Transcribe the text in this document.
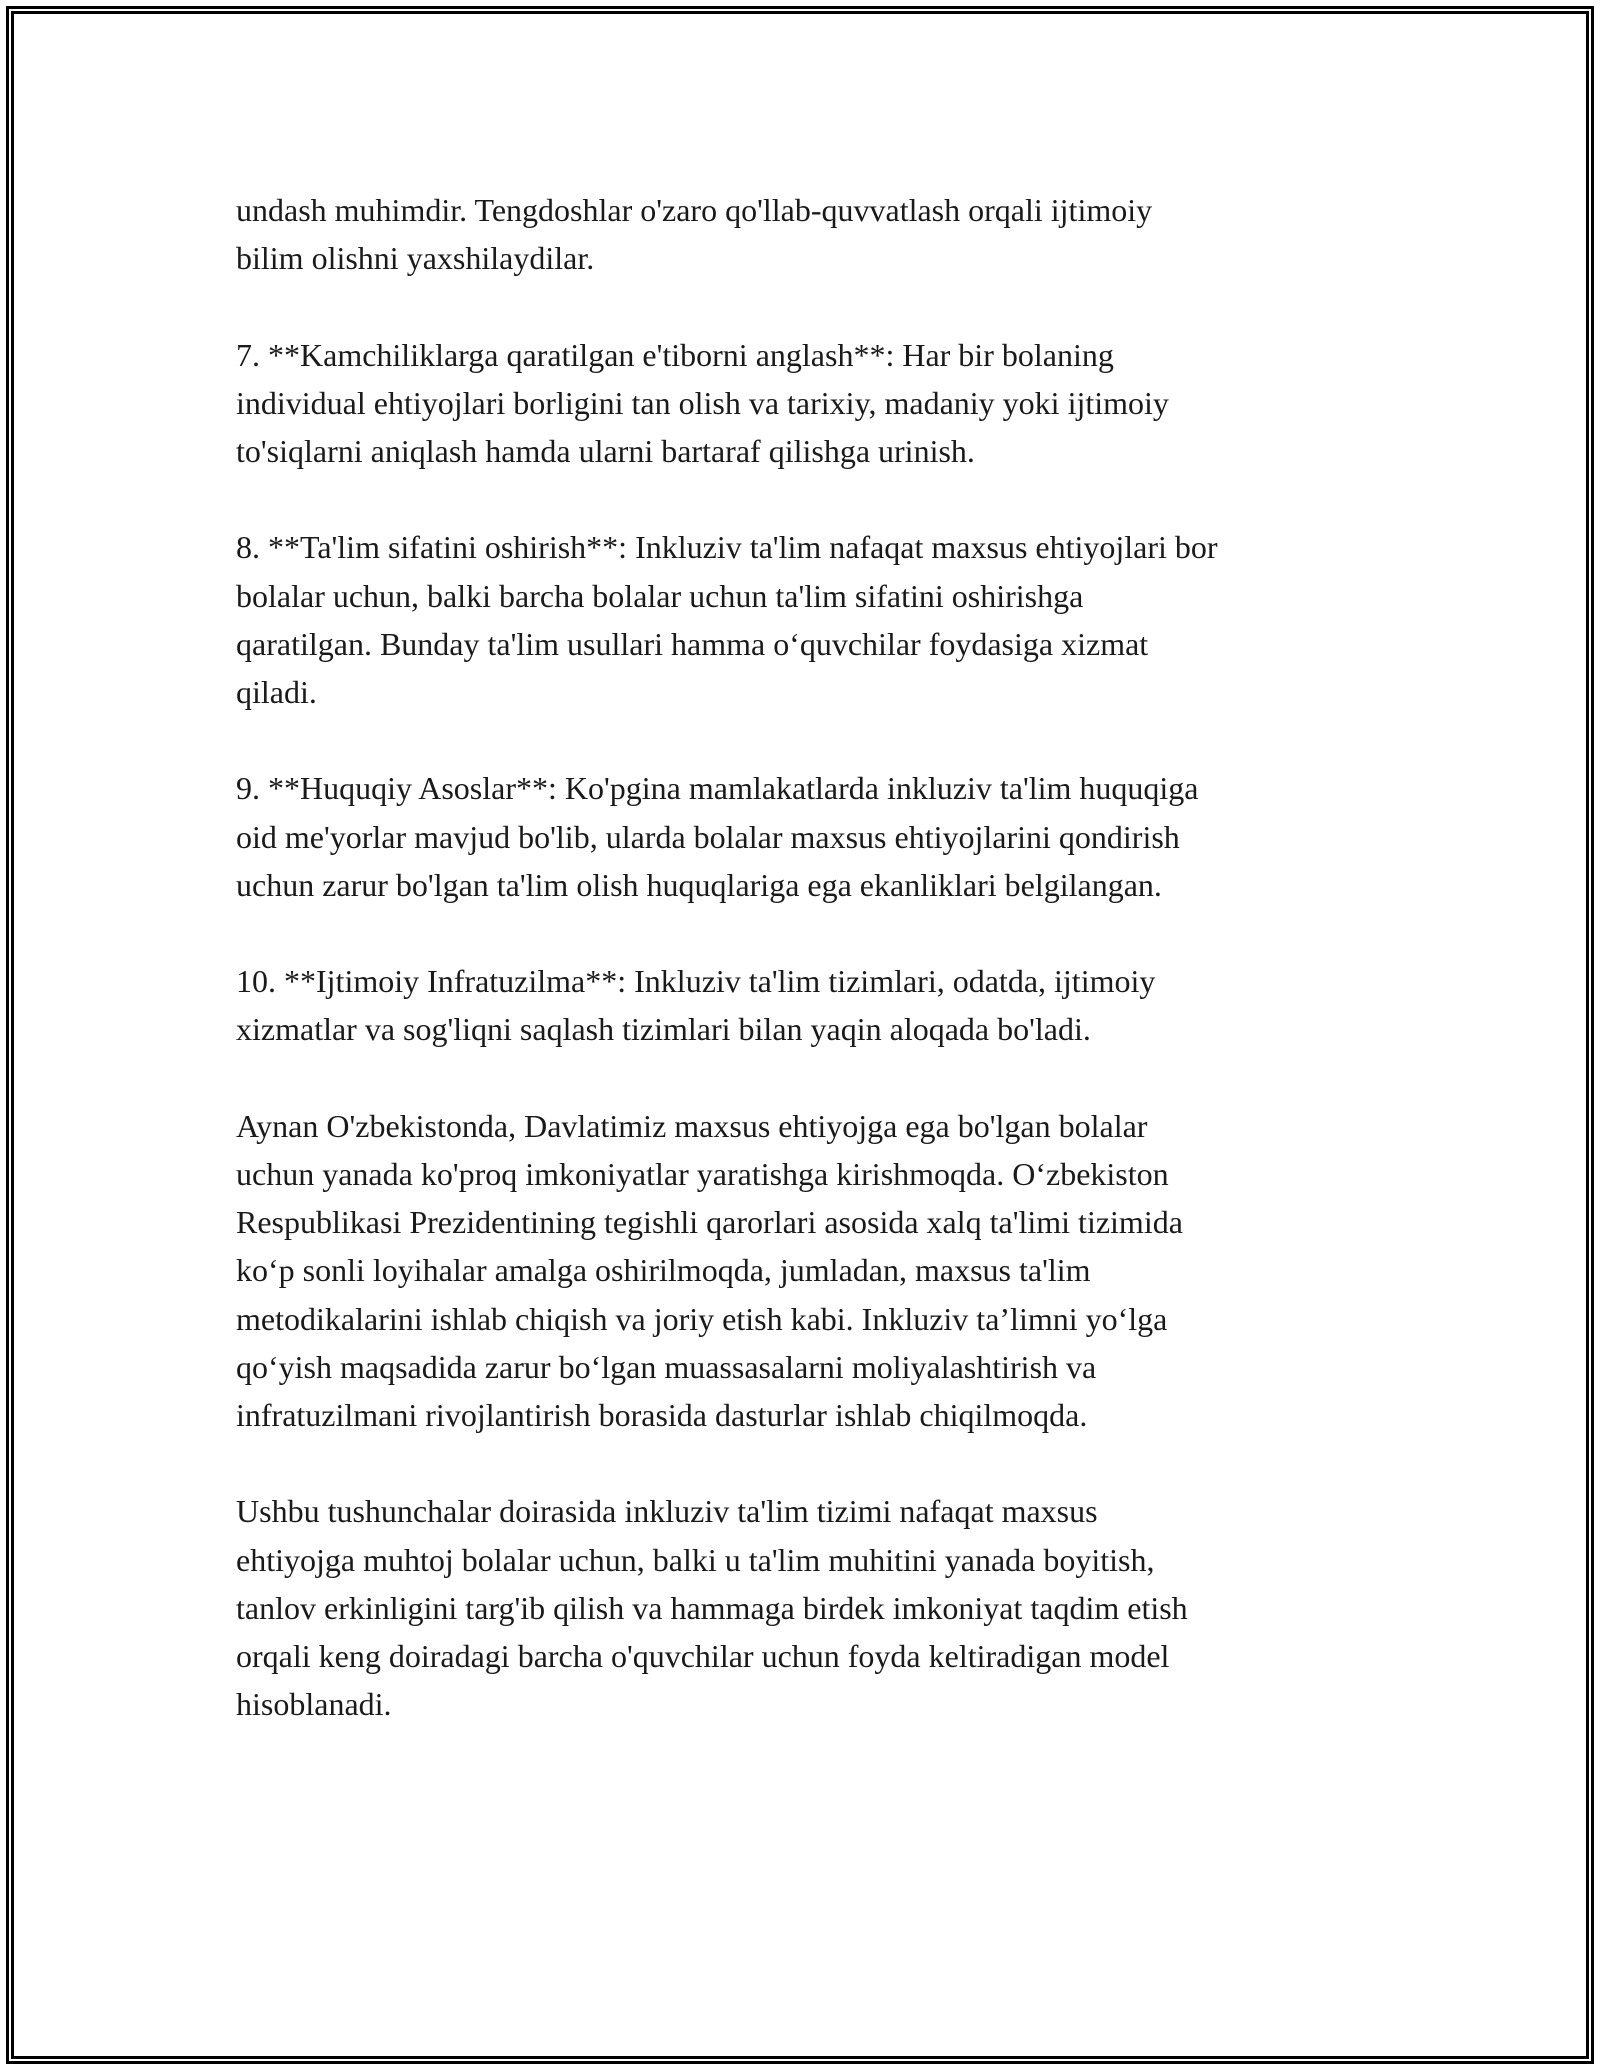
undash muhimdir. Tengdoshlar o'zaro qo'llab-quvvatlash orqali ijtimoiy
bilim olishni yaxshilaydilar.

7. **Kamchiliklarga qaratilgan e'tiborni anglash**: Har bir bolaning
individual ehtiyojlari borligini tan olish va tarixiy, madaniy yoki ijtimoiy
to'siqlarni aniqlash hamda ularni bartaraf qilishga urinish.

8. **Ta'lim sifatini oshirish**: Inkluziv ta'lim nafaqat maxsus ehtiyojlari bor
bolalar uchun, balki barcha bolalar uchun ta'lim sifatini oshirishga
qaratilgan. Bunday ta'lim usullari hamma o‘quvchilar foydasiga xizmat
qiladi.

9. **Huquqiy Asoslar**: Ko'pgina mamlakatlarda inkluziv ta'lim huquqiga
oid me'yorlar mavjud bo'lib, ularda bolalar maxsus ehtiyojlarini qondirish
uchun zarur bo'lgan ta'lim olish huquqlariga ega ekanliklari belgilangan.

10. **Ijtimoiy Infratuzilma**: Inkluziv ta'lim tizimlari, odatda, ijtimoiy
xizmatlar va sog'liqni saqlash tizimlari bilan yaqin aloqada bo'ladi.

Aynan O'zbekistonda, Davlatimiz maxsus ehtiyojga ega bo'lgan bolalar
uchun yanada ko'proq imkoniyatlar yaratishga kirishmoqda. O‘zbekiston
Respublikasi Prezidentining tegishli qarorlari asosida xalq ta'limi tizimida
ko‘p sonli loyihalar amalga oshirilmoqda, jumladan, maxsus ta'lim
metodikalarini ishlab chiqish va joriy etish kabi. Inkluziv ta’limni yo‘lga
qo‘yish maqsadida zarur bo‘lgan muassasalarni moliyalashtirish va
infratuzilmani rivojlantirish borasida dasturlar ishlab chiqilmoqda.

Ushbu tushunchalar doirasida inkluziv ta'lim tizimi nafaqat maxsus
ehtiyojga muhtoj bolalar uchun, balki u ta'lim muhitini yanada boyitish,
tanlov erkinligini targ'ib qilish va hammaga birdek imkoniyat taqdim etish
orqali keng doiradagi barcha o'quvchilar uchun foyda keltiradigan model
hisoblanadi.
